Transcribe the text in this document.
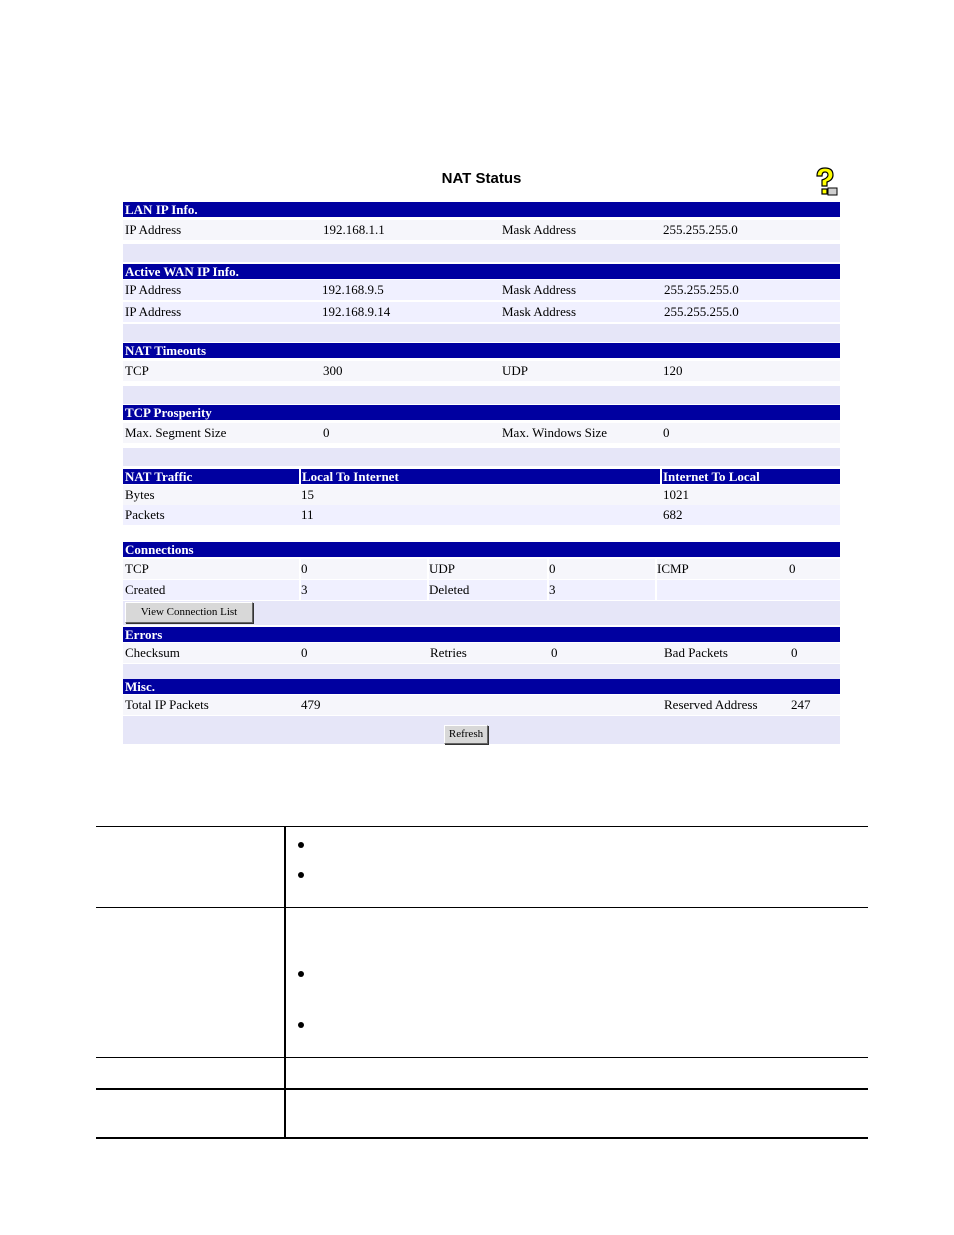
NAT Status
LAN IP Info.
IP Address	192.168.1.1	Mask Address	255.255.255.0
Active WAN IP Info.
IP Address	192.168.9.5	Mask Address	255.255.255.0
IP Address	192.168.9.14	Mask Address	255.255.255.0
NAT Timeouts
TCP	300	UDP	120
TCP Prosperity
Max. Segment Size	0	Max. Windows Size	0
NAT Traffic	Local To Internet	Internet To Local
Bytes	15	1021
Packets	11	682
Connections
TCP	0	UDP	0	ICMP	0
Created	3	Deleted	3
View Connection List
Errors
Checksum	0	Retries	0	Bad Packets	0
Misc.
Total IP Packets	479	Reserved Address	247
Refresh
